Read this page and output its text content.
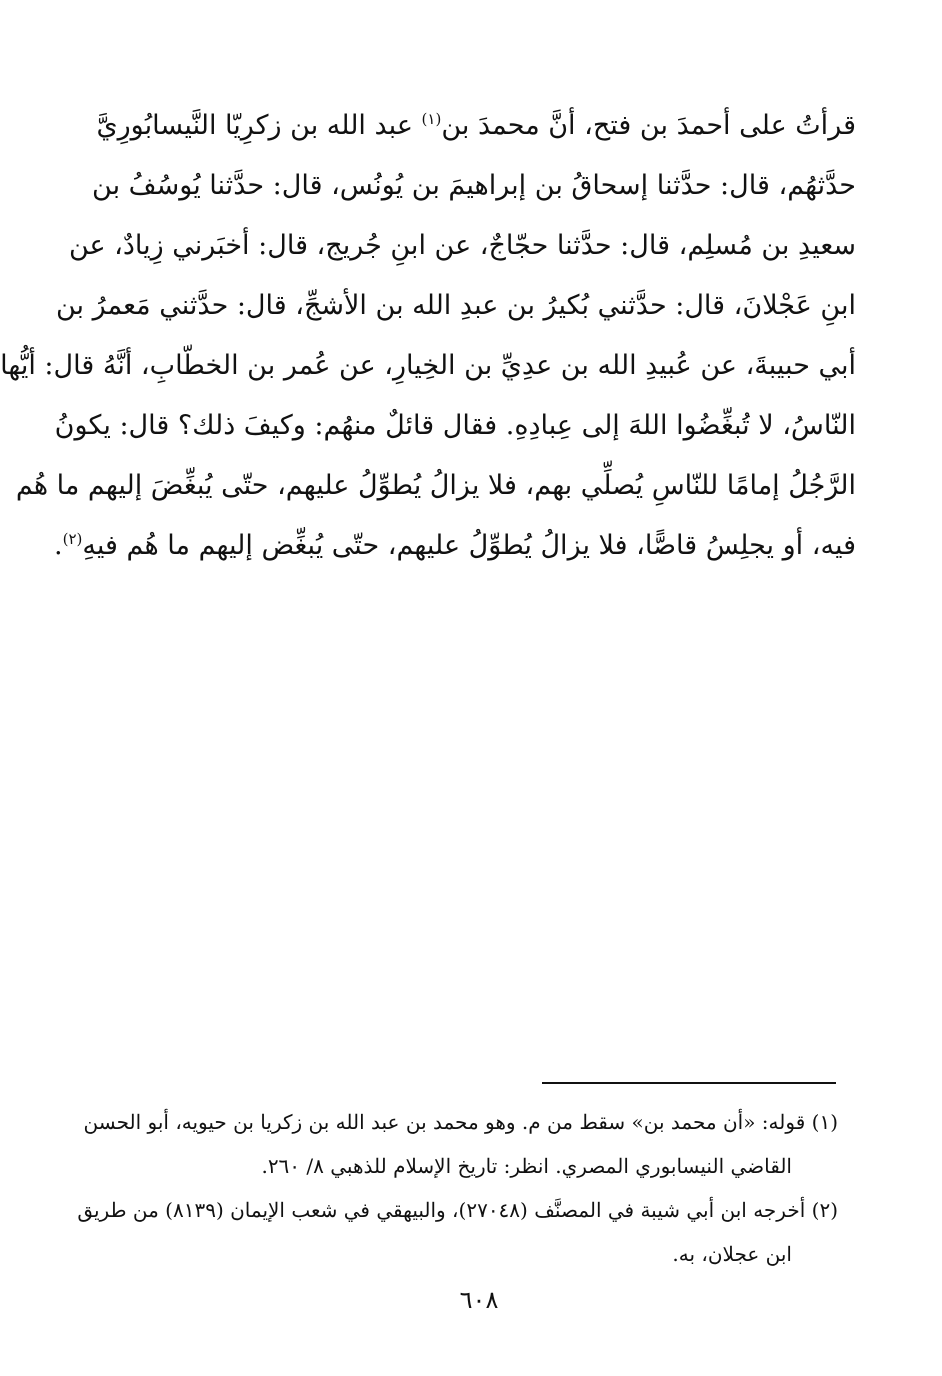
قرأتُ على أحمدَ بن فتح، أنَّ محمدَ بن$^{(١)}$ عبد الله بن زكرِيّا النَّيسابُورِيَّ
حدَّثهُم، قال: حدَّثنا إسحاقُ بن إبراهيمَ بن يُونُس، قال: حدَّثنا يُوسُفُ بن
سعيدِ بن مُسلِم، قال: حدَّثنا حجّاجٌ، عن ابنِ جُريج، قال: أخبَرني زِيادٌ، عن
ابنِ عَجْلانَ، قال: حدَّثني بُكيرُ بن عبدِ الله بن الأشجِّ، قال: حدَّثني مَعمرُ بن
أبي حبيبةَ، عن عُبيدِ الله بن عدِيِّ بن الخِيارِ، عن عُمر بن الخطّابِ، أنَّهُ قال: أيُّها
النّاسُ، لا تُبغِّضُوا اللهَ إلى عِبادِهِ. فقال قائلٌ منهُم: وكيفَ ذلك؟ قال: يكونُ
الرَّجُلُ إمامًا للنّاسِ يُصلِّي بهم، فلا يزالُ يُطوِّلُ عليهم، حتّى يُبغِّضَ إليهم ما هُم
فيه، أو يجلِسُ قاصًّا، فلا يزالُ يُطوِّلُ عليهم، حتّى يُبغِّض إليهم ما هُم فيهِ$^{(٢)}$.
(١) قوله: «أن محمد بن» سقط من م. وهو محمد بن عبد الله بن زكريا بن حيويه، أبو الحسن
القاضي النيسابوري المصري. انظر: تاريخ الإسلام للذهبي ٨/ ٢٦٠.
(٢) أخرجه ابن أبي شيبة في المصنَّف (٢٧٠٤٨)، والبيهقي في شعب الإيمان (٨١٣٩) من طريق
ابن عجلان، به.
٦٠٨
